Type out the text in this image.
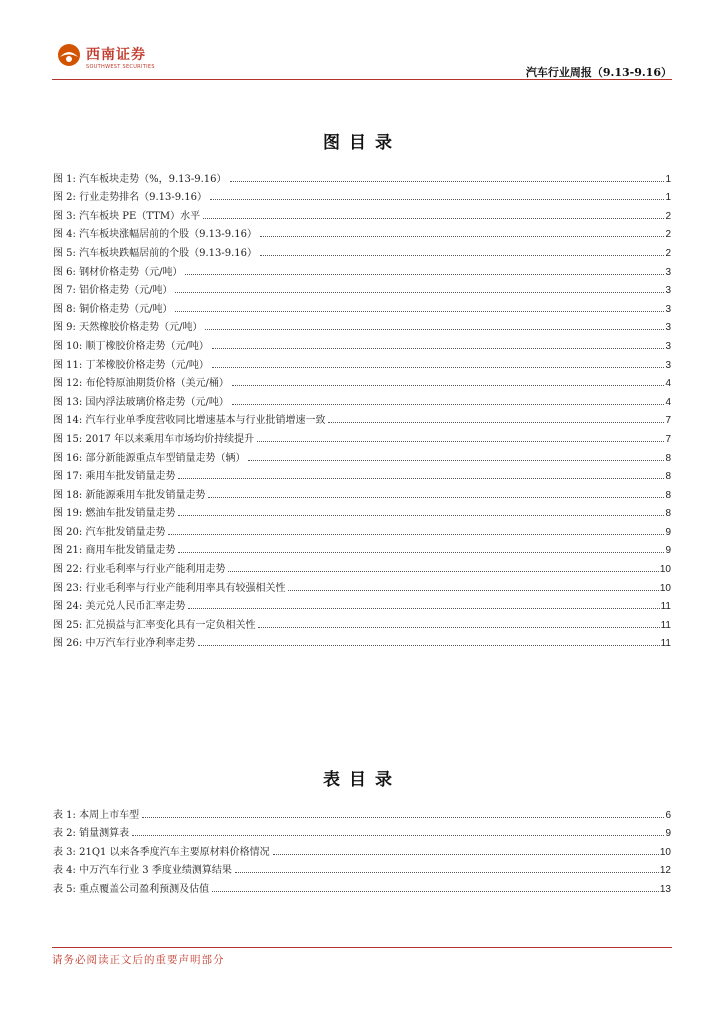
西南证券
SOUTHWEST SECURITIES	汽车行业周报（9.13-9.16）
图目录
图 1: 汽车板块走势（%，9.13-9.16）	1
图 2: 行业走势排名（9.13-9.16）	1
图 3: 汽车板块 PE（TTM）水平	2
图 4: 汽车板块涨幅居前的个股（9.13-9.16）	2
图 5: 汽车板块跌幅居前的个股（9.13-9.16）	2
图 6: 钢材价格走势（元/吨）	3
图 7: 铝价格走势（元/吨）	3
图 8: 铜价格走势（元/吨）	3
图 9: 天然橡胶价格走势（元/吨）	3
图 10: 顺丁橡胶价格走势（元/吨）	3
图 11: 丁苯橡胶价格走势（元/吨）	3
图 12: 布伦特原油期货价格（美元/桶）	4
图 13: 国内浮法玻璃价格走势（元/吨）	4
图 14: 汽车行业单季度营收同比增速基本与行业批销增速一致	7
图 15: 2017 年以来乘用车市场均价持续提升	7
图 16: 部分新能源重点车型销量走势（辆）	8
图 17: 乘用车批发销量走势	8
图 18: 新能源乘用车批发销量走势	8
图 19: 燃油车批发销量走势	8
图 20: 汽车批发销量走势	9
图 21: 商用车批发销量走势	9
图 22: 行业毛利率与行业产能利用走势	10
图 23: 行业毛利率与行业产能利用率具有较强相关性	10
图 24: 美元兑人民币汇率走势	11
图 25: 汇兑损益与汇率变化具有一定负相关性	11
图 26: 中万汽车行业净利率走势	11
表目录
表 1: 本周上市车型	6
表 2: 销量测算表	9
表 3: 21Q1 以来各季度汽车主要原材料价格情况	10
表 4: 中万汽车行业 3 季度业绩测算结果	12
表 5: 重点覆盖公司盈利预测及估值	13
请务必阅读正文后的重要声明部分
